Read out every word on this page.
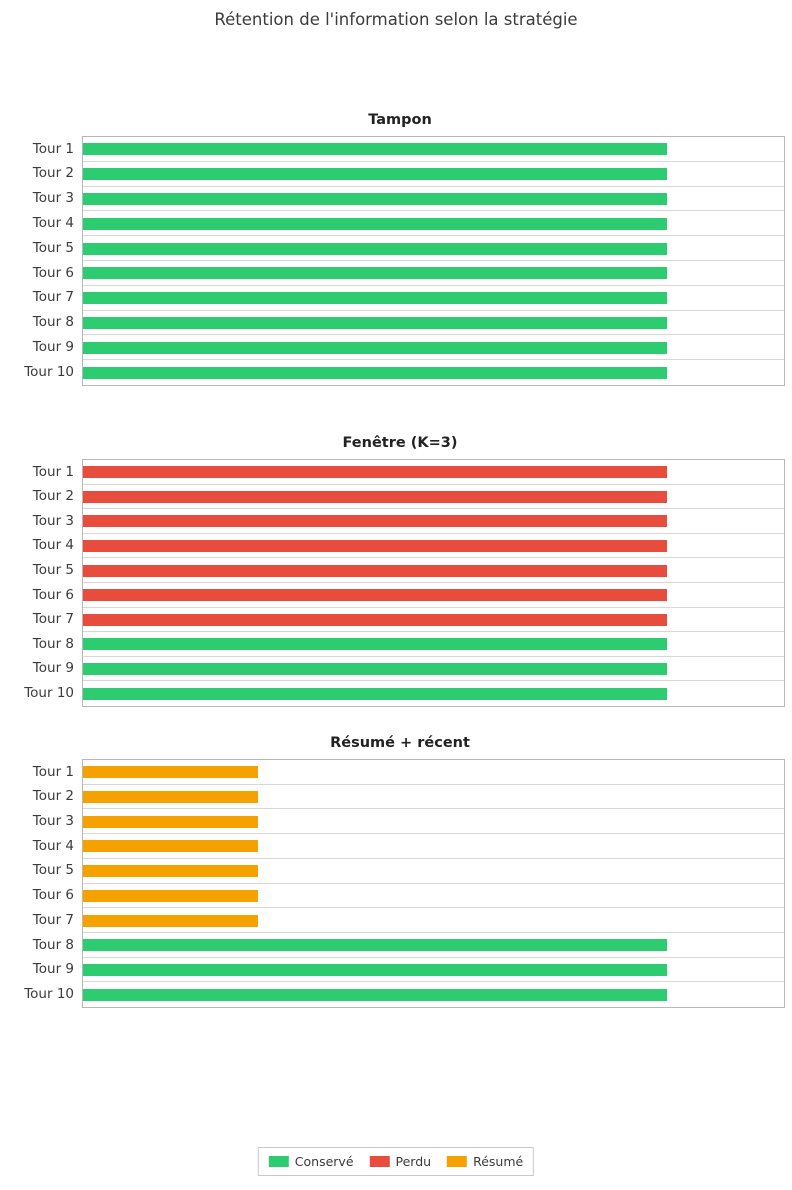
Rétention de l'information selon la stratégie
Tampon
Tour 1
Tour 2
Tour 3
Tour 4
Tour 5
Tour 6
Tour 7
Tour 8
Tour 9
Tour 10
Fenêtre (K=3)
Tour 1
Tour 2
Tour 3
Tour 4
Tour 5
Tour 6
Tour 7
Tour 8
Tour 9
Tour 10
Résumé + récent
Tour 1
Tour 2
Tour 3
Tour 4
Tour 5
Tour 6
Tour 7
Tour 8
Tour 9
Tour 10
Conservé	Perdu	Résumé
